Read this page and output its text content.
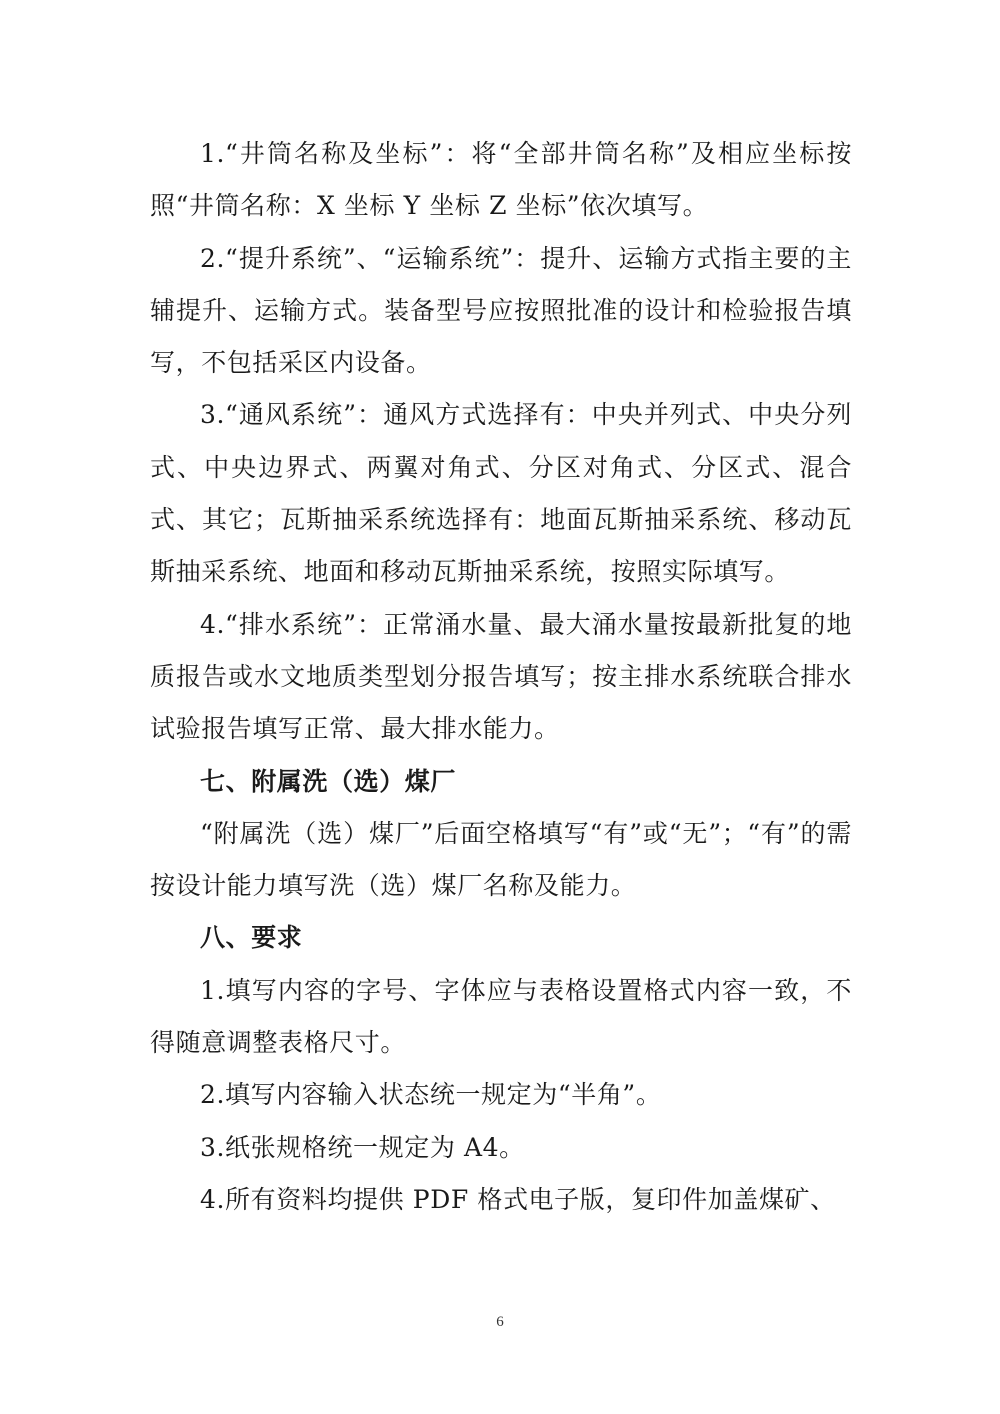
1.“井筒名称及坐标”：将“全部井筒名称”及相应坐标按照“井筒名称：X 坐标 Y 坐标 Z 坐标”依次填写。

2.“提升系统”、“运输系统”：提升、运输方式指主要的主辅提升、运输方式。装备型号应按照批准的设计和检验报告填写，不包括采区内设备。

3.“通风系统”：通风方式选择有：中央并列式、中央分列式、中央边界式、两翼对角式、分区对角式、分区式、混合式、其它；瓦斯抽采系统选择有：地面瓦斯抽采系统、移动瓦斯抽采系统、地面和移动瓦斯抽采系统，按照实际填写。

4.“排水系统”：正常涌水量、最大涌水量按最新批复的地质报告或水文地质类型划分报告填写；按主排水系统联合排水试验报告填写正常、最大排水能力。

七、附属洗（选）煤厂

“附属洗（选）煤厂”后面空格填写“有”或“无”；“有”的需按设计能力填写洗（选）煤厂名称及能力。

八、要求

1.填写内容的字号、字体应与表格设置格式内容一致，不得随意调整表格尺寸。

2.填写内容输入状态统一规定为“半角”。

3.纸张规格统一规定为 A4。

4.所有资料均提供 PDF 格式电子版，复印件加盖煤矿、

6
